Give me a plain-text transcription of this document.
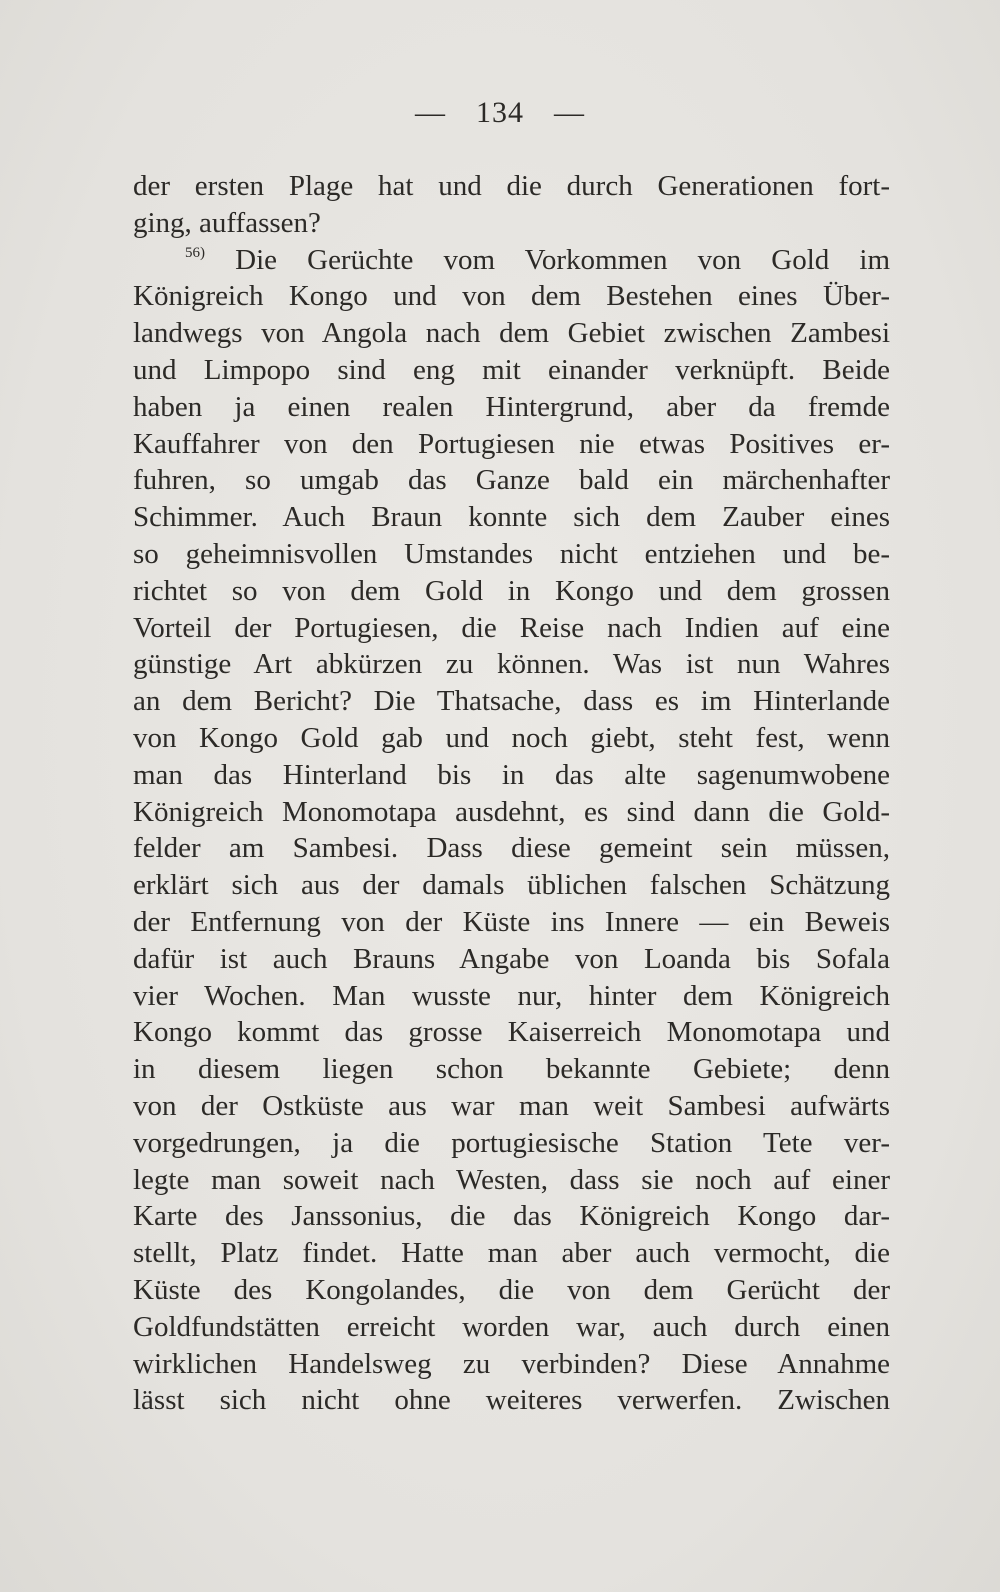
— 134 —
der ersten Plage hat und die durch Generationen fort-
ging, auffassen?
$^{56)}$ Die Gerüchte vom Vorkommen von Gold im
Königreich Kongo und von dem Bestehen eines Über-
landwegs von Angola nach dem Gebiet zwischen Zambesi
und Limpopo sind eng mit einander verknüpft. Beide
haben ja einen realen Hintergrund, aber da fremde
Kauffahrer von den Portugiesen nie etwas Positives er-
fuhren, so umgab das Ganze bald ein märchenhafter
Schimmer. Auch Braun konnte sich dem Zauber eines
so geheimnisvollen Umstandes nicht entziehen und be-
richtet so von dem Gold in Kongo und dem grossen
Vorteil der Portugiesen, die Reise nach Indien auf eine
günstige Art abkürzen zu können. Was ist nun Wahres
an dem Bericht? Die Thatsache, dass es im Hinterlande
von Kongo Gold gab und noch giebt, steht fest, wenn
man das Hinterland bis in das alte sagenumwobene
Königreich Monomotapa ausdehnt, es sind dann die Gold-
felder am Sambesi. Dass diese gemeint sein müssen,
erklärt sich aus der damals üblichen falschen Schätzung
der Entfernung von der Küste ins Innere — ein Beweis
dafür ist auch Brauns Angabe von Loanda bis Sofala
vier Wochen. Man wusste nur, hinter dem Königreich
Kongo kommt das grosse Kaiserreich Monomotapa und
in diesem liegen schon bekannte Gebiete; denn
von der Ostküste aus war man weit Sambesi aufwärts
vorgedrungen, ja die portugiesische Station Tete ver-
legte man soweit nach Westen, dass sie noch auf einer
Karte des Janssonius, die das Königreich Kongo dar-
stellt, Platz findet. Hatte man aber auch vermocht, die
Küste des Kongolandes, die von dem Gerücht der
Goldfundstätten erreicht worden war, auch durch einen
wirklichen Handelsweg zu verbinden? Diese Annahme
lässt sich nicht ohne weiteres verwerfen. Zwischen
